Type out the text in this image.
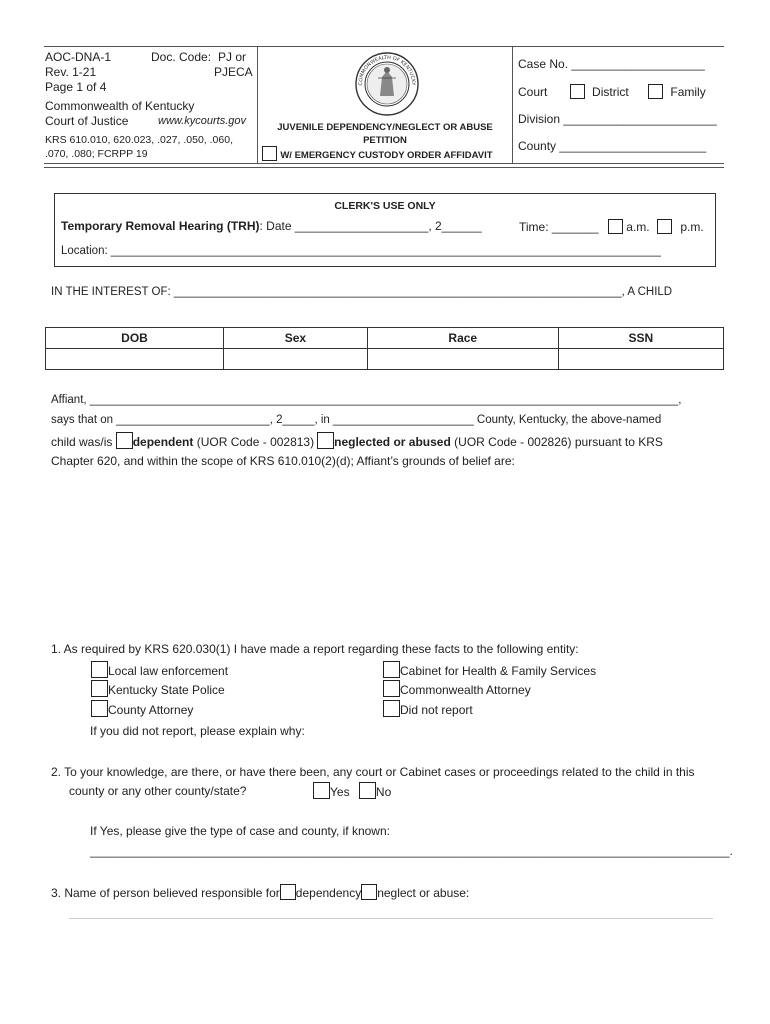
AOC-DNA-1	Doc. Code: PJ or
Rev. 1-21	PJECA
Page 1 of 4
Commonwealth of Kentucky
Court of Justice	www.kycourts.gov
KRS 610.010, 620.023, .027, .050, .060,
.070, .080; FCRPP 19
COMMONWEALTH OF KENTUCKY
JUVENILE DEPENDENCY/NEGLECT OR ABUSE
PETITION
W/ EMERGENCY CUSTODY ORDER AFFIDAVIT
Case No. ____________________
Court	District	Family
Division _______________________
County ______________________
CLERK'S USE ONLY
Temporary Removal Hearing (TRH): Date ____________________, 2______	Time: _______ a.m.	p.m.
Location: ______________________________________________________________________________________
IN THE INTEREST OF: ______________________________________________________________________, A CHILD
DOB	Sex	Race	SSN

Affiant, ____________________________________________________________________________________________,
says that on ________________________, 2_____, in ______________________ County, Kentucky, the above-named
child was/is dependent (UOR Code - 002813) neglected or abused (UOR Code - 002826) pursuant to KRS
Chapter 620, and within the scope of KRS 610.010(2)(d); Affiant’s grounds of belief are:
1. As required by KRS 620.030(1) I have made a report regarding these facts to the following entity:
Local law enforcement
Kentucky State Police
County Attorney
Cabinet for Health & Family Services
Commonwealth Attorney
Did not report
If you did not report, please explain why:
2. To your knowledge, are there, or have there been, any court or Cabinet cases or proceedings related to the child in this
county or any other county/state?	Yes No
If Yes, please give the type of case and county, if known:
____________________________________________________________________________________________________.
3. Name of person believed responsible for dependency neglect or abuse:
